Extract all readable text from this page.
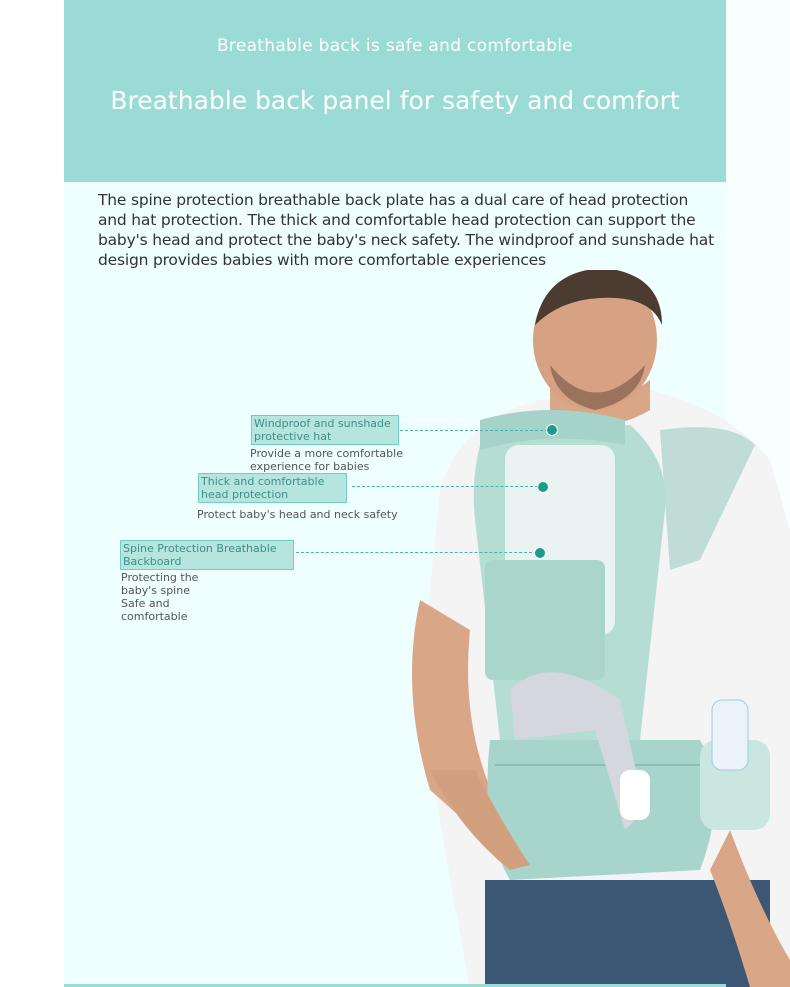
Breathable back is safe and comfortable
Breathable back panel for safety and comfort
The spine protection breathable back plate has a dual care of head protection and hat protection. The thick and comfortable head protection can support the baby's head and protect the baby's neck safety. The windproof and sunshade hat design provides babies with more comfortable experiences
Windproof and sunshade protective hat
Provide a more comfortable experience for babies
Thick and comfortable head protection
Protect baby's head and neck safety
Spine Protection Breathable Backboard
Protecting the baby's spine
Safe and comfortable
